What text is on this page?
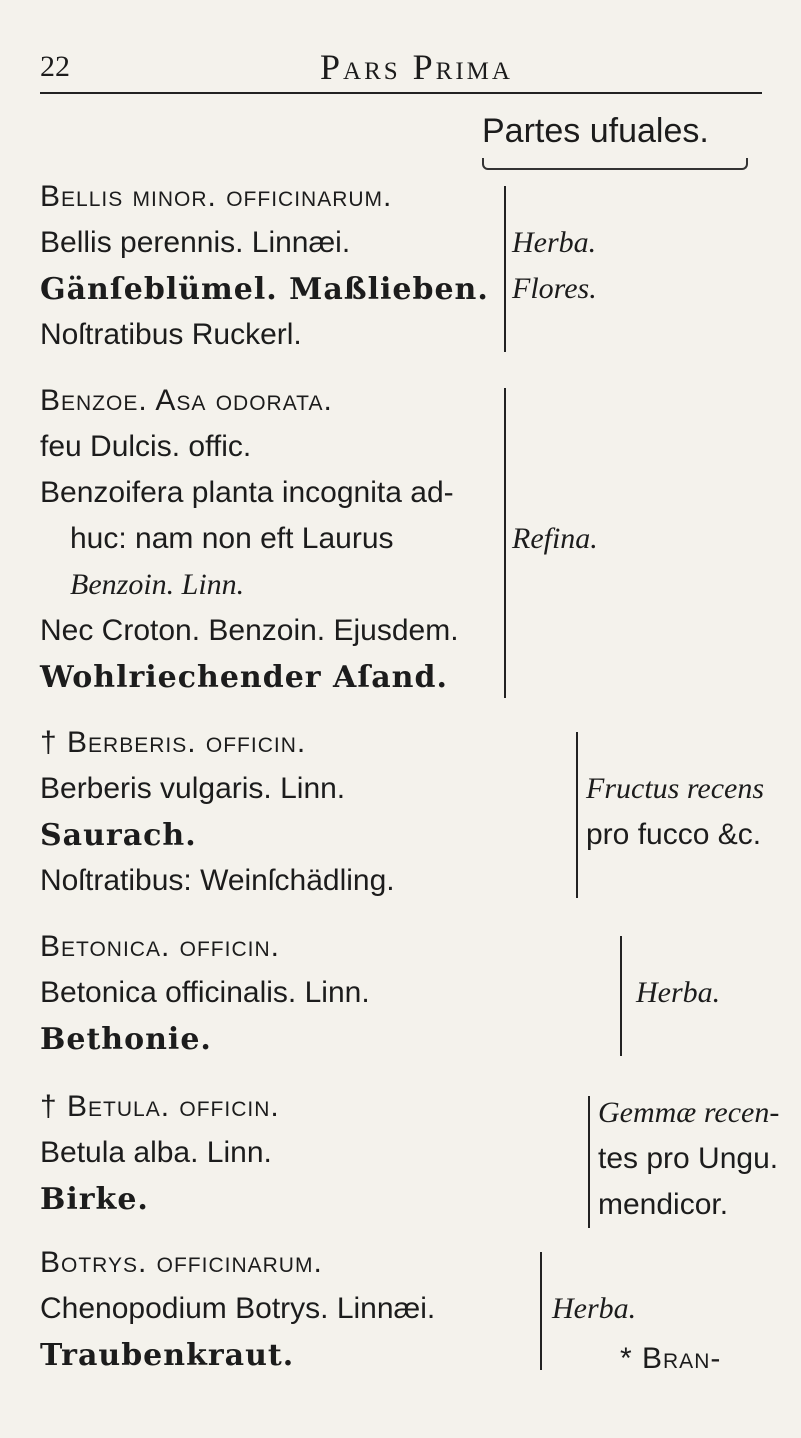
22	Pars Prima
Partes ufuales.
Bellis minor. officinarum.
Bellis perennis. Linnæi.
Gänſeblümel. Maßlieben.
Noſtratibus Ruckerl.
Herba.
Flores.
Benzoe. Asa odorata.
feu Dulcis. offic.
Benzoifera planta incognita ad-
huc: nam non eft Laurus
Benzoin. Linn.
Nec Croton. Benzoin. Ejusdem.
Wohlriechender Aſand.
Refina.
† Berberis. officin.
Berberis vulgaris. Linn.
Saurach.
Noſtratibus: Weinſchädling.
Fructus recens
pro fucco &c.
Betonica. officin.
Betonica officinalis. Linn.
Bethonie.
Herba.
† Betula. officin.
Betula alba. Linn.
Birke.
Gemmæ recen-
tes pro Ungu.
mendicor.
Botrys. officinarum.
Chenopodium Botrys. Linnæi.
Traubenkraut.
Herba.
* Bran-
